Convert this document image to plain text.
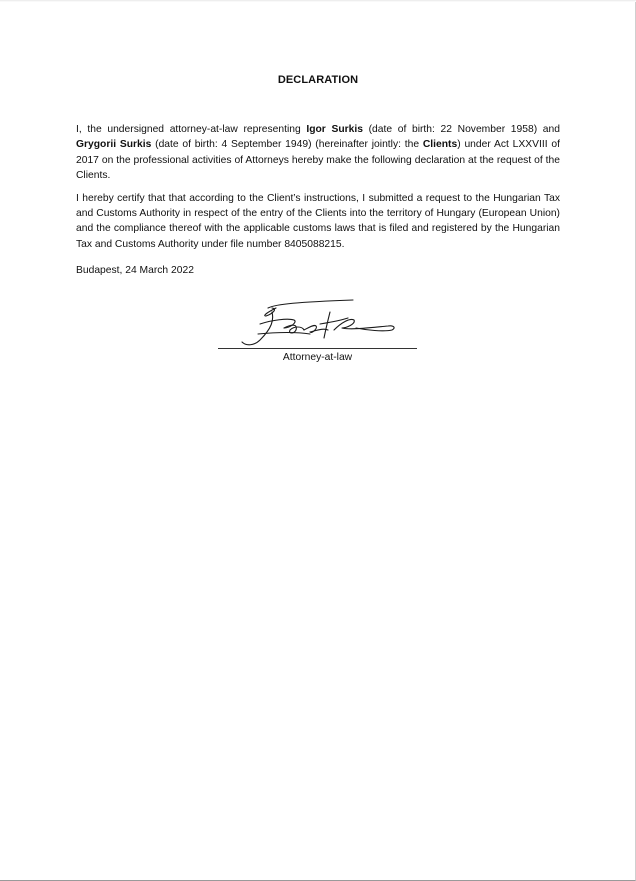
DECLARATION

I, the undersigned attorney-at-law representing Igor Surkis (date of birth: 22 November 1958) and Grygorii Surkis (date of birth: 4 September 1949) (hereinafter jointly: the Clients) under Act LXXVIII of 2017 on the professional activities of Attorneys hereby make the following declaration at the request of the Clients.

I hereby certify that that according to the Client’s instructions, I submitted a request to the Hungarian Tax and Customs Authority in respect of the entry of the Clients into the territory of Hungary (European Union) and the compliance thereof with the applicable customs laws that is filed and registered by the Hungarian Tax and Customs Authority under file number 8405088215.

Budapest, 24 March 2022
Attorney-at-law
